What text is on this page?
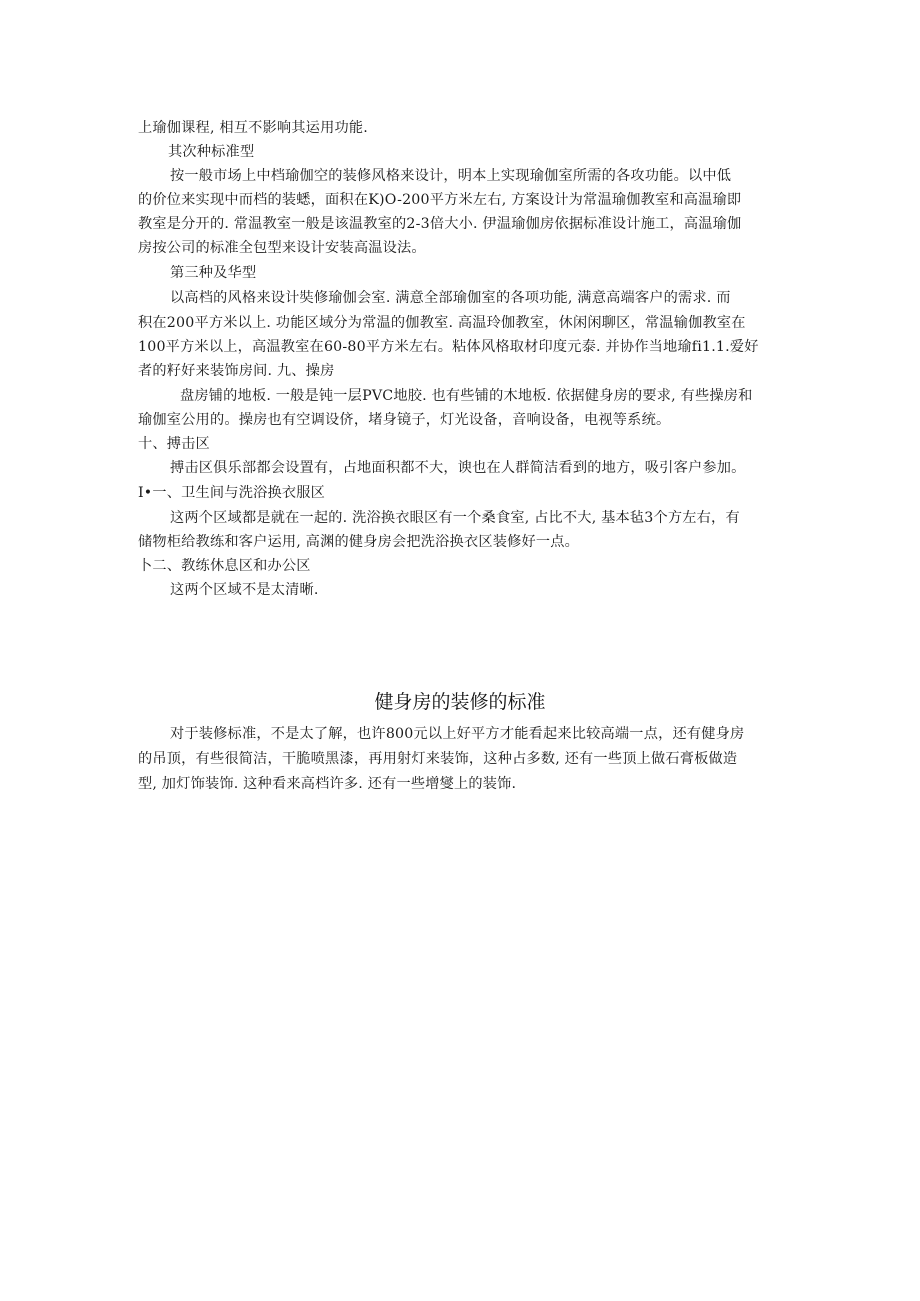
上瑜伽课程, 相互不影响其运用功能.
其次种标准型
按一般市场上中档瑜伽空的装修风格来设计，明本上实现瑜伽室所需的各攻功能。以中低
的价位来实现中而档的装蟋，面积在K)O-200平方米左右, 方案设计为常温瑜伽教室和高温瑜即
教室是分开的. 常温教室一般是该温教室的2-3倍大小. 伊温瑜伽房依据标准设计施工，高温瑜伽
房按公司的标准全包型来设计安装高温设法。
第三种及华型
以高档的风格来设计奘修瑜伽会室. 满意全部瑜伽室的各项功能, 满意高端客户的需求. 而
积在200平方米以上. 功能区域分为常温的伽教室. 高温玲伽教室，休闲闲聊区，常温输伽教室在
100平方米以上，高温教室在60-80平方米左右。粘体风格取材印度元泰. 并协作当地瑜fi1.1.爱好
者的籽好来装饰房间. 九、操房
盘房铺的地板. 一般是钝一层PVC地胶. 也有些铺的木地板. 依据健身房的要求, 有些操房和
瑜伽室公用的。操房也有空调设侪，堵身镜子，灯光设备，音响设备，电视等系统。
十、搏击区
搏击区俱乐部都会设置有，占地面积都不大，谀也在人群简洁看到的地方，吸引客户参加。
I•一、卫生间与洗浴换衣服区
这两个区域都是就在一起的. 洗浴换衣眼区有一个桑食室, 占比不大, 基本毡3个方左右，有
储物柜给教练和客户运用, 高渊的健身房会把洗浴换衣区装修好一点。
卜二、教练休息区和办公区
这两个区域不是太清晰.
健身房的装修的标准
对于装修标准，不是太了解，也许800元以上好平方才能看起来比较高端一点，还有健身房
的吊顶，有些很简洁，干脆喷黑漆，再用射灯来装饰，这种占多数, 还有一些顶上做石膏板做造
型, 加灯饰装饰. 这种看来高档许多. 还有一些增燮上的装饰.
